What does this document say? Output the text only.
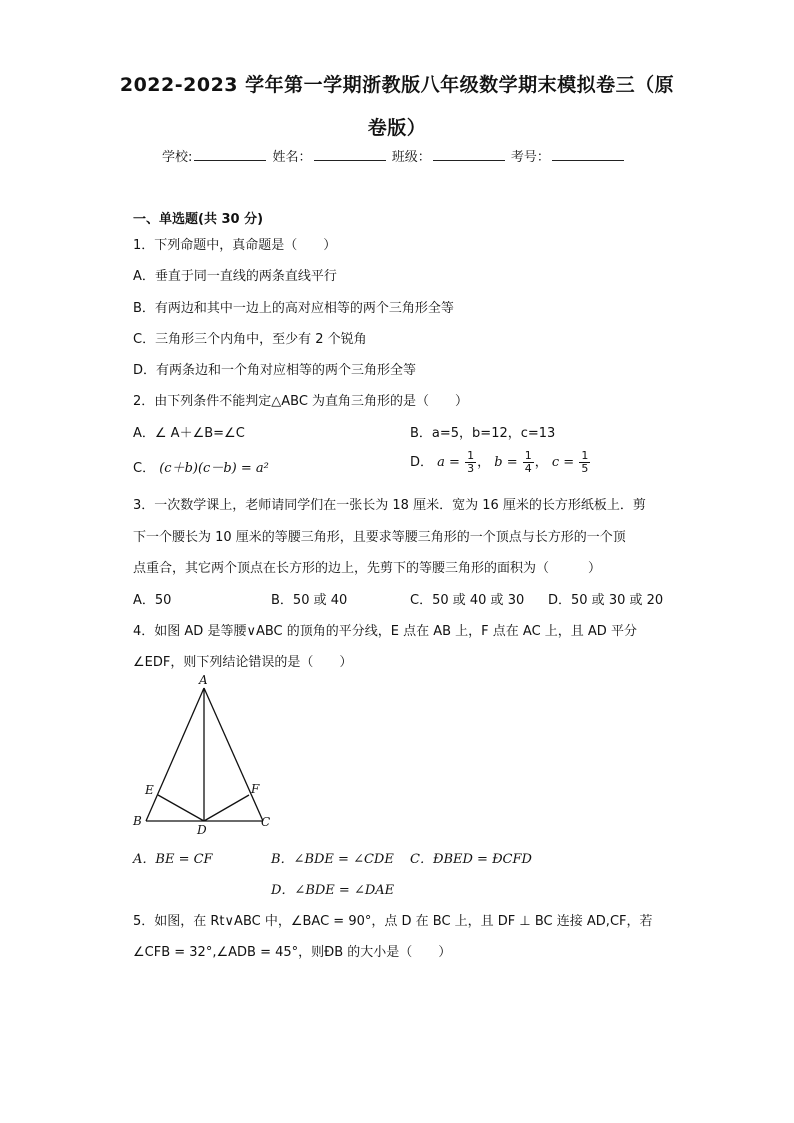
2022-2023 学年第一学期浙教版八年级数学期末模拟卷三（原
卷版）
学校:	姓名：	班级：	考号：
一、单选题(共 30 分)
1．下列命题中，真命题是（　　）
A．垂直于同一直线的两条直线平行
B．有两边和其中一边上的高对应相等的两个三角形全等
C．三角形三个内角中，至少有 2 个锐角
D．有两条边和一个角对应相等的两个三角形全等
2．由下列条件不能判定△ABC 为直角三角形的是（　　）
A．∠ A＋∠B=∠C	B．a=5，b=12，c=13
C． (c＋b)(c－b) = a²	D． $a = \frac{1}{3}$ ， $b = \frac{1}{4}$ ， $c = \frac{1}{5}$
3．一次数学课上，老师请同学们在一张长为 18 厘米．宽为 16 厘米的长方形纸板上．剪
下一个腰长为 10 厘米的等腰三角形，且要求等腰三角形的一个顶点与长方形的一个顶
点重合，其它两个顶点在长方形的边上，先剪下的等腰三角形的面积为（　　　）
A．50	B．50 或 40	C．50 或 40 或 30 D．50 或 30 或 20
4．如图 AD 是等腰∨ABC 的顶角的平分线，E 点在 AB 上，F 点在 AC 上，且 AD 平分
∠EDF，则下列结论错误的是（　　）
A
E	F
B
D
C
A．BE = CF	B．∠BDE = ∠CDE C．ÐBED = ÐCFD
D．∠BDE = ∠DAE
5．如图，在 Rt∨ABC 中，∠BAC = 90°，点 D 在 BC 上，且 DF ⊥ BC 连接 AD,CF，若
∠CFB = 32°,∠ADB = 45°，则ÐB 的大小是（　　）
